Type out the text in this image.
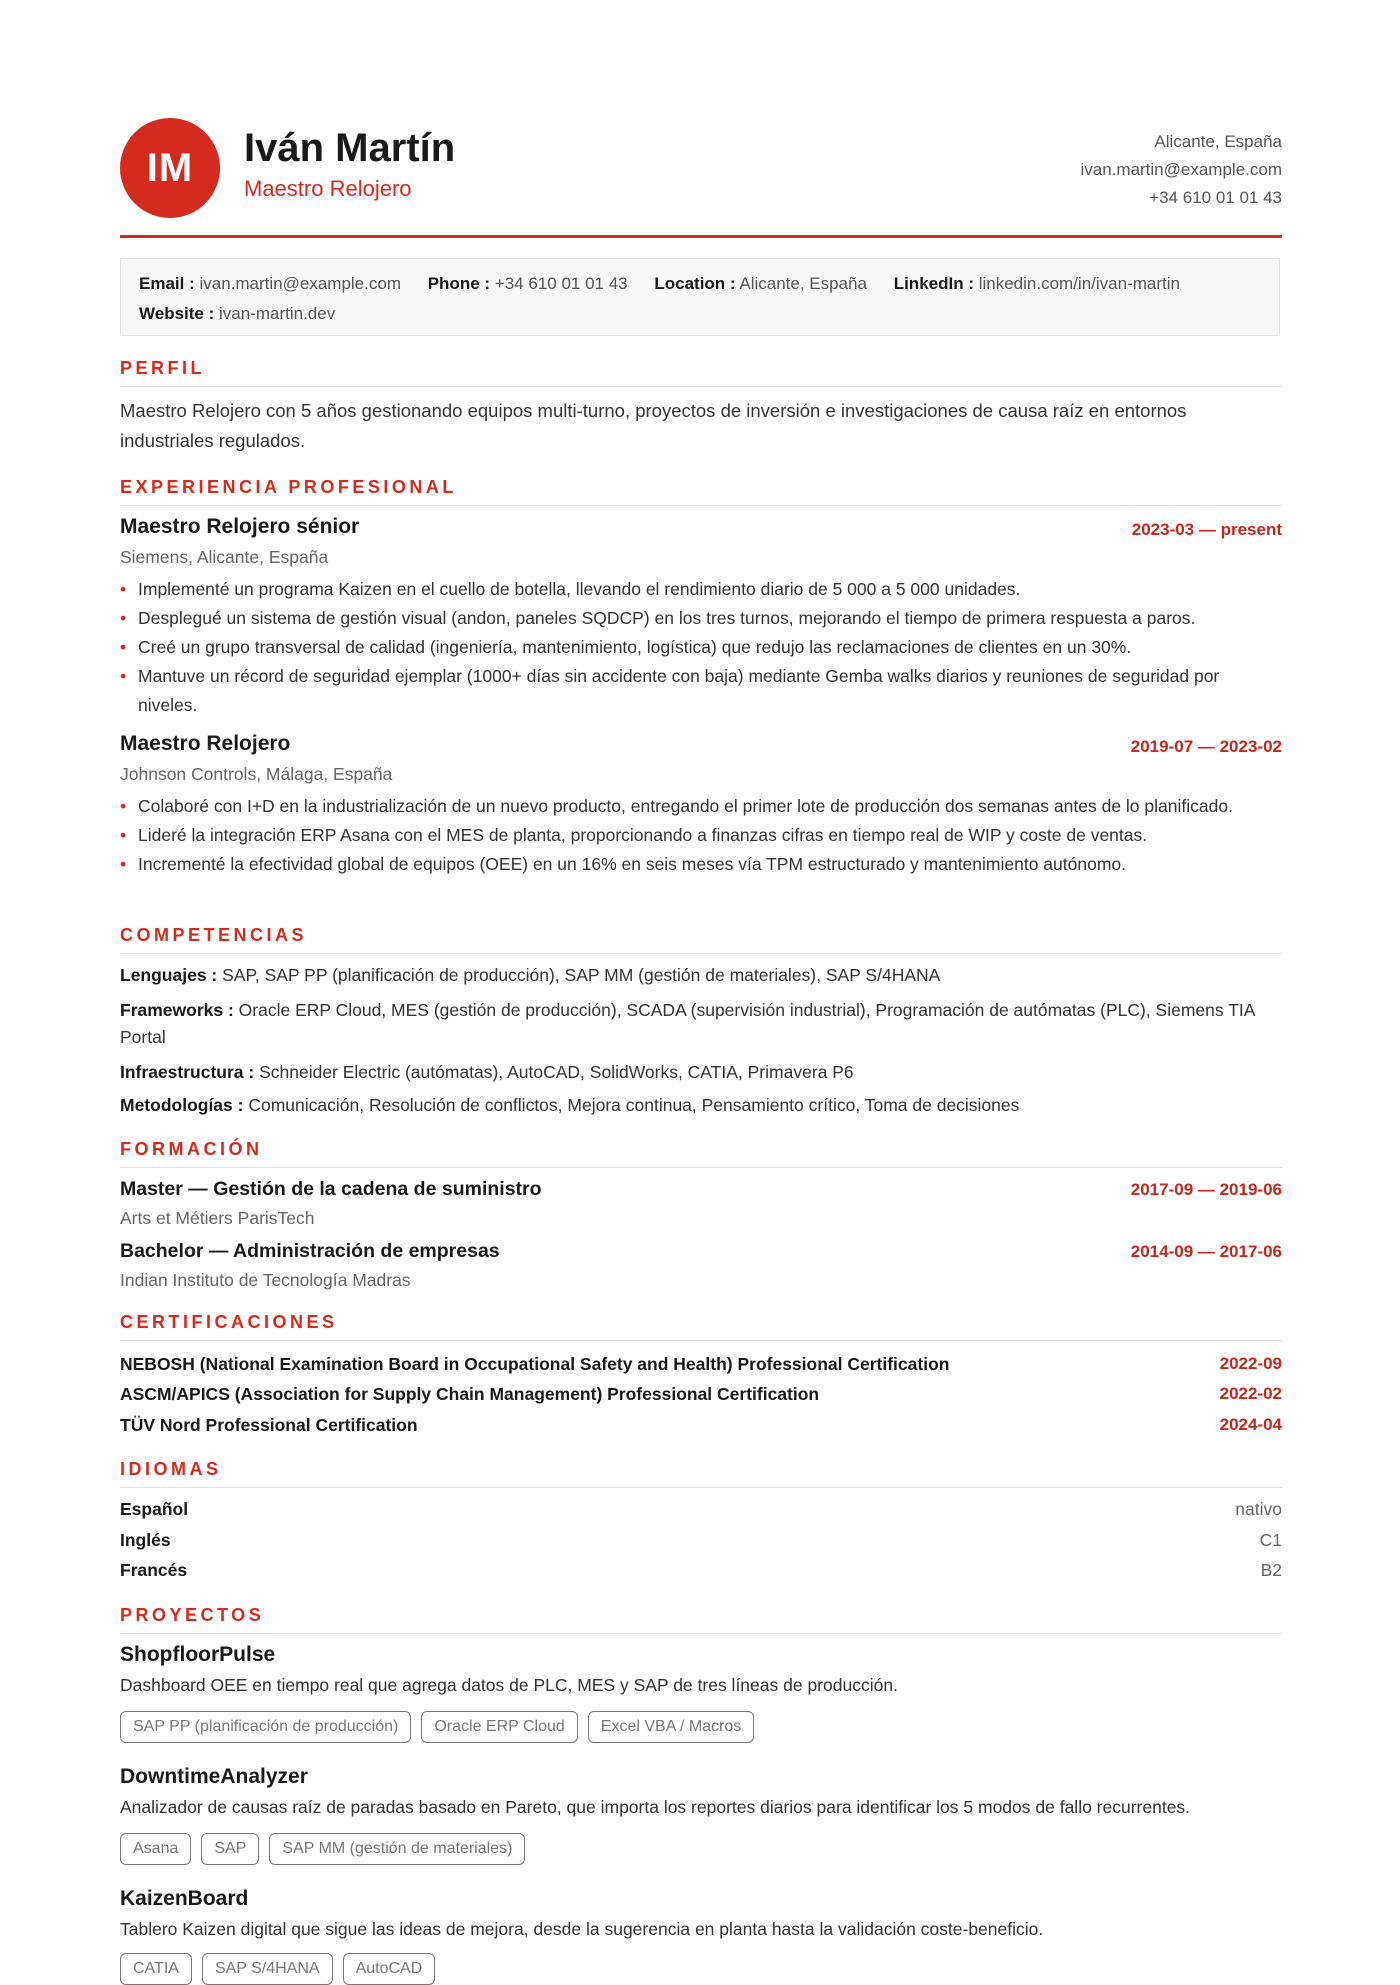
IM	Iván Martín
Maestro Relojero
Alicante, España
ivan.martin@example.com
+34 610 01 01 43
Email : ivan.martin@example.com Phone : +34 610 01 01 43 Location : Alicante, España LinkedIn : linkedin.com/in/ivan-martin
Website : ivan-martin.dev
PERFIL
Maestro Relojero con 5 años gestionando equipos multi-turno, proyectos de inversión e investigaciones de causa raíz en entornos industriales regulados.
EXPERIENCIA PROFESIONAL
Maestro Relojero sénior	2023-03 — present
Siemens, Alicante, España
• Implementé un programa Kaizen en el cuello de botella, llevando el rendimiento diario de 5 000 a 5 000 unidades.
• Desplegué un sistema de gestión visual (andon, paneles SQDCP) en los tres turnos, mejorando el tiempo de primera respuesta a paros.
• Creé un grupo transversal de calidad (ingeniería, mantenimiento, logística) que redujo las reclamaciones de clientes en un 30%.
• Mantuve un récord de seguridad ejemplar (1000+ días sin accidente con baja) mediante Gemba walks diarios y reuniones de seguridad por niveles.
Maestro Relojero	2019-07 — 2023-02
Johnson Controls, Málaga, España
• Colaboré con I+D en la industrialización de un nuevo producto, entregando el primer lote de producción dos semanas antes de lo planificado.
• Lideré la integración ERP Asana con el MES de planta, proporcionando a finanzas cifras en tiempo real de WIP y coste de ventas.
• Incrementé la efectividad global de equipos (OEE) en un 16% en seis meses vía TPM estructurado y mantenimiento autónomo.
COMPETENCIAS
Lenguajes : SAP, SAP PP (planificación de producción), SAP MM (gestión de materiales), SAP S/4HANA
Frameworks : Oracle ERP Cloud, MES (gestión de producción), SCADA (supervisión industrial), Programación de autómatas (PLC), Siemens TIA Portal
Infraestructura : Schneider Electric (autómatas), AutoCAD, SolidWorks, CATIA, Primavera P6
Metodologías : Comunicación, Resolución de conflictos, Mejora continua, Pensamiento crítico, Toma de decisiones
FORMACIÓN
Master — Gestión de la cadena de suministro	2017-09 — 2019-06
Arts et Métiers ParisTech
Bachelor — Administración de empresas	2014-09 — 2017-06
Indian Instituto de Tecnología Madras
CERTIFICACIONES
NEBOSH (National Examination Board in Occupational Safety and Health) Professional Certification	2022-09
ASCM/APICS (Association for Supply Chain Management) Professional Certification	2022-02
TÜV Nord Professional Certification	2024-04
IDIOMAS
Español	nativo
Inglés	C1
Francés	B2
PROYECTOS
ShopfloorPulse
Dashboard OEE en tiempo real que agrega datos de PLC, MES y SAP de tres líneas de producción.
SAP PP (planificación de producción)	Oracle ERP Cloud	Excel VBA / Macros
DowntimeAnalyzer
Analizador de causas raíz de paradas basado en Pareto, que importa los reportes diarios para identificar los 5 modos de fallo recurrentes.
Asana	SAP	SAP MM (gestión de materiales)
KaizenBoard
Tablero Kaizen digital que sigue las ideas de mejora, desde la sugerencia en planta hasta la validación coste-beneficio.
CATIA	SAP S/4HANA	AutoCAD
